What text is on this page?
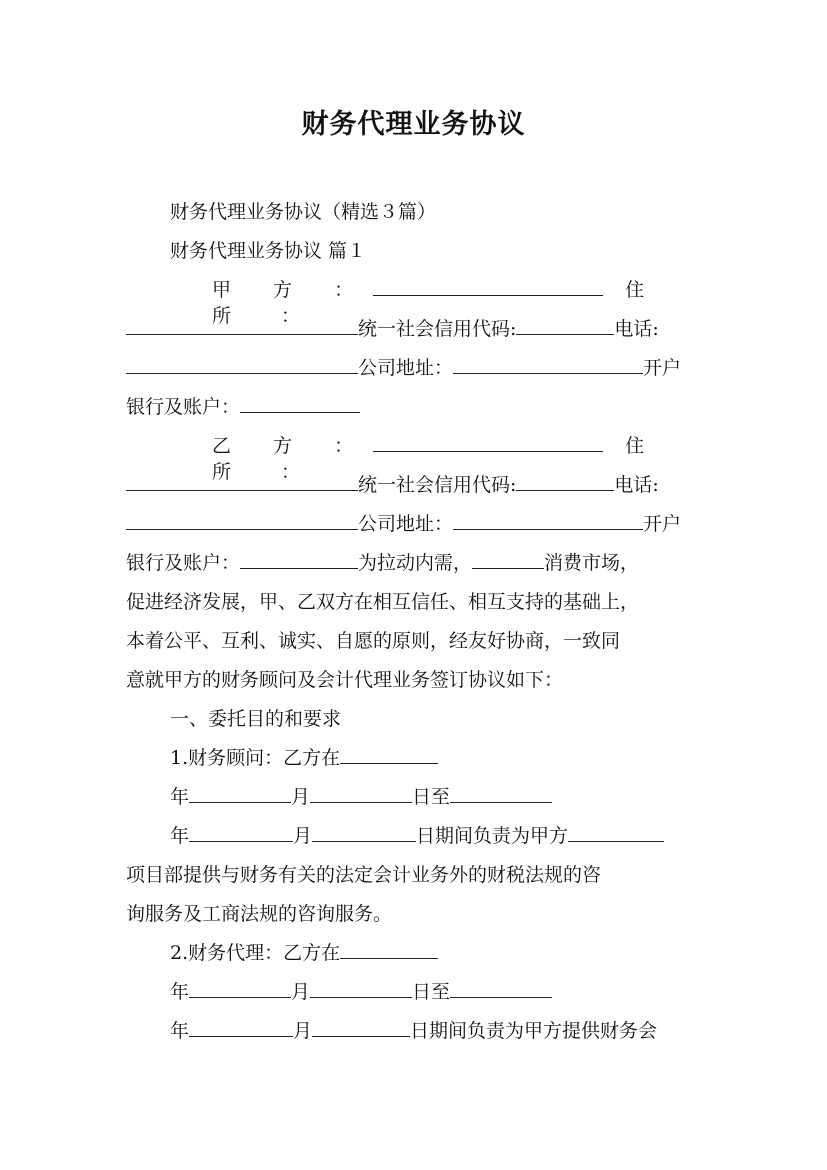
财务代理业务协议
财务代理业务协议（精选３篇）
财务代理业务协议 篇１
甲 方 ：	住 所 ：
统一社会信用代码:	电话:
公司地址：	开户
银行及账户：
乙 方 ：	住 所 ：
统一社会信用代码:	电话:
公司地址：	开户
银行及账户：	为拉动内需，	消费市场，
促进经济发展，甲、乙双方在相互信任、相互支持的基础上，
本着公平、互利、诚实、自愿的原则，经友好协商，一致同
意就甲方的财务顾问及会计代理业务签订协议如下：
一、委托目的和要求
1.财务顾问：乙方在
年	月	日至
年	月	日期间负责为甲方
项目部提供与财务有关的法定会计业务外的财税法规的咨
询服务及工商法规的咨询服务。
2.财务代理：乙方在
年	月	日至
年	月	日期间负责为甲方提供财务会
